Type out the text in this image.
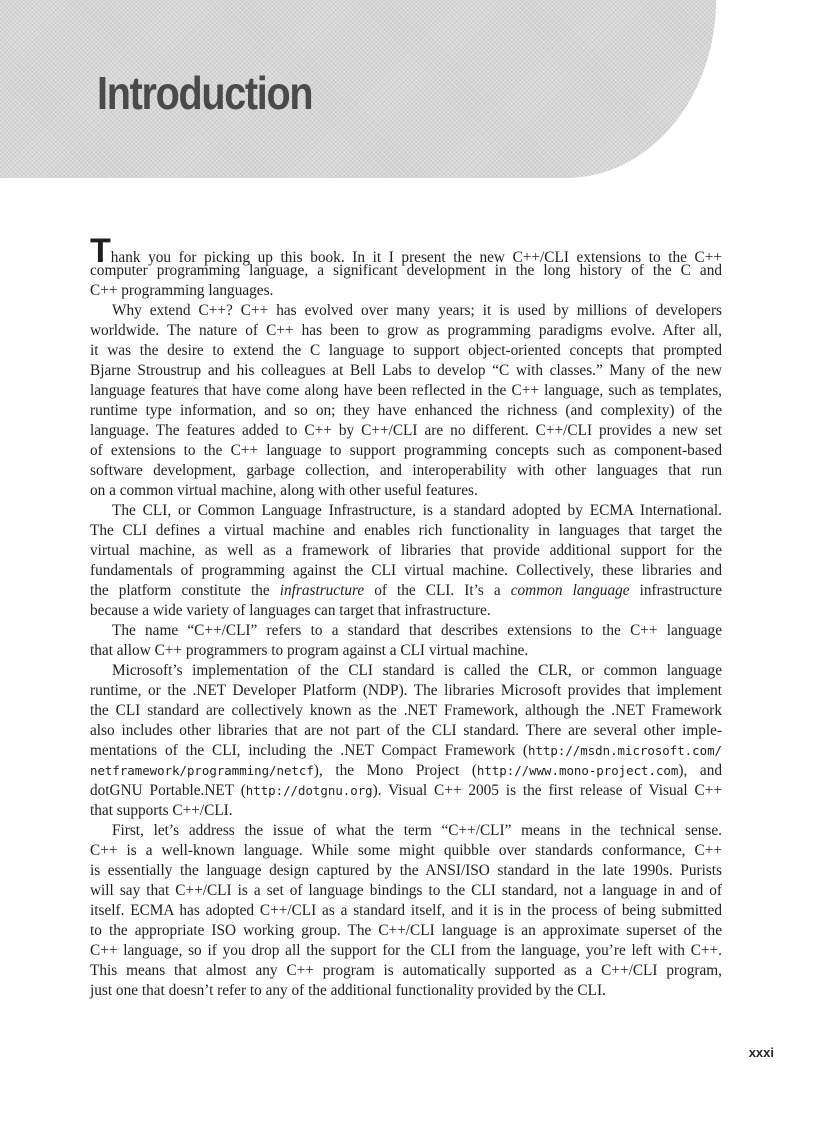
Introduction
Thank you for picking up this book. In it I present the new C++/CLI extensions to the C++
computer programming language, a significant development in the long history of the C and
C++ programming languages.
Why extend C++? C++ has evolved over many years; it is used by millions of developers
worldwide. The nature of C++ has been to grow as programming paradigms evolve. After all,
it was the desire to extend the C language to support object-oriented concepts that prompted
Bjarne Stroustrup and his colleagues at Bell Labs to develop “C with classes.” Many of the new
language features that have come along have been reflected in the C++ language, such as templates,
runtime type information, and so on; they have enhanced the richness (and complexity) of the
language. The features added to C++ by C++/CLI are no different. C++/CLI provides a new set
of extensions to the C++ language to support programming concepts such as component-based
software development, garbage collection, and interoperability with other languages that run
on a common virtual machine, along with other useful features.
The CLI, or Common Language Infrastructure, is a standard adopted by ECMA International.
The CLI defines a virtual machine and enables rich functionality in languages that target the
virtual machine, as well as a framework of libraries that provide additional support for the
fundamentals of programming against the CLI virtual machine. Collectively, these libraries and
the platform constitute the infrastructure of the CLI. It’s a common language infrastructure
because a wide variety of languages can target that infrastructure.
The name “C++/CLI” refers to a standard that describes extensions to the C++ language
that allow C++ programmers to program against a CLI virtual machine.
Microsoft’s implementation of the CLI standard is called the CLR, or common language
runtime, or the .NET Developer Platform (NDP). The libraries Microsoft provides that implement
the CLI standard are collectively known as the .NET Framework, although the .NET Framework
also includes other libraries that are not part of the CLI standard. There are several other imple-
mentations of the CLI, including the .NET Compact Framework (http://msdn.microsoft.com/
netframework/programming/netcf), the Mono Project (http://www.mono-project.com), and
dotGNU Portable.NET (http://dotgnu.org). Visual C++ 2005 is the first release of Visual C++
that supports C++/CLI.
First, let’s address the issue of what the term “C++/CLI” means in the technical sense.
C++ is a well-known language. While some might quibble over standards conformance, C++
is essentially the language design captured by the ANSI/ISO standard in the late 1990s. Purists
will say that C++/CLI is a set of language bindings to the CLI standard, not a language in and of
itself. ECMA has adopted C++/CLI as a standard itself, and it is in the process of being submitted
to the appropriate ISO working group. The C++/CLI language is an approximate superset of the
C++ language, so if you drop all the support for the CLI from the language, you’re left with C++.
This means that almost any C++ program is automatically supported as a C++/CLI program,
just one that doesn’t refer to any of the additional functionality provided by the CLI.
xxxi
